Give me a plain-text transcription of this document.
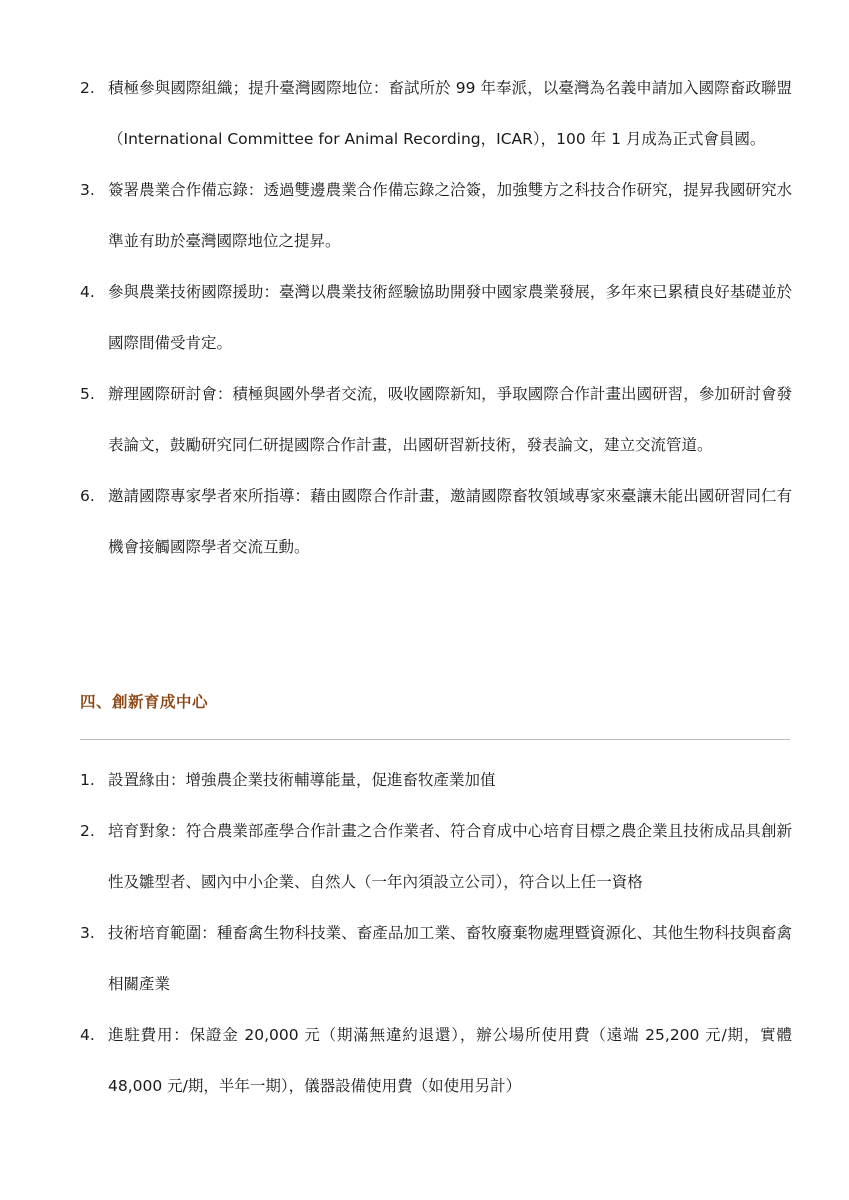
2. 積極參與國際組織；提升臺灣國際地位：畜試所於 99 年奉派，以臺灣為名義申請加入國際畜政聯盟（International Committee for Animal Recording，ICAR），100 年 1 月成為正式會員國。

3. 簽署農業合作備忘錄：透過雙邊農業合作備忘錄之洽簽，加強雙方之科技合作研究，提昇我國研究水準並有助於臺灣國際地位之提昇。

4. 參與農業技術國際援助：臺灣以農業技術經驗協助開發中國家農業發展，多年來已累積良好基礎並於國際間備受肯定。

5. 辦理國際研討會：積極與國外學者交流，吸收國際新知，爭取國際合作計畫出國研習，參加研討會發表論文，鼓勵研究同仁研提國際合作計畫，出國研習新技術，發表論文，建立交流管道。

6. 邀請國際專家學者來所指導：藉由國際合作計畫，邀請國際畜牧領域專家來臺讓未能出國研習同仁有機會接觸國際學者交流互動。

四、創新育成中心
1. 設置緣由：增強農企業技術輔導能量，促進畜牧產業加值

2. 培育對象：符合農業部產學合作計畫之合作業者、符合育成中心培育目標之農企業且技術成品具創新性及雛型者、國內中小企業、自然人（一年內須設立公司），符合以上任一資格

3. 技術培育範圍：種畜禽生物科技業、畜產品加工業、畜牧廢棄物處理暨資源化、其他生物科技與畜禽相關產業

4. 進駐費用：保證金 20,000 元（期滿無違約退還），辦公場所使用費（遠端 25,200 元/期，實體 48,000 元/期，半年一期），儀器設備使用費（如使用另計）
